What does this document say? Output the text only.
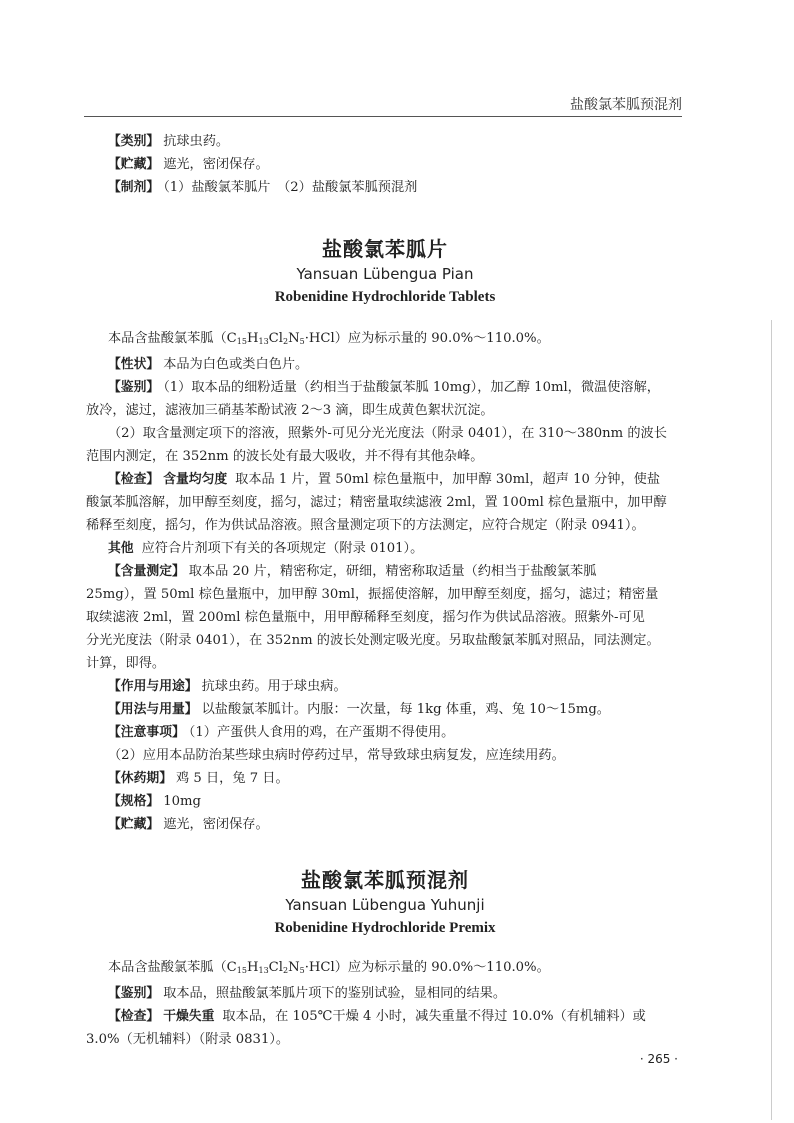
盐酸氯苯胍预混剂
【类别】 抗球虫药。
【贮藏】 遮光，密闭保存。
【制剂】 （1）盐酸氯苯胍片　（2）盐酸氯苯胍预混剂
盐酸氯苯胍片
Yansuan Lübengua Pian
Robenidine Hydrochloride Tablets
本品含盐酸氯苯胍$(C_{15}H_{13}Cl_2N_5\cdot HCl)$应为标示量的 90.0%～110.0%。
【性状】 本品为白色或类白色片。
【鉴别】 （1）取本品的细粉适量（约相当于盐酸氯苯胍 10mg），加乙醇 10ml，微温使溶解，
放冷，滤过，滤液加三硝基苯酚试液 2～3 滴，即生成黄色絮状沉淀。
（2）取含量测定项下的溶液，照紫外-可见分光光度法（附录 0401），在 310～380nm 的波长
范围内测定，在 352nm 的波长处有最大吸收，并不得有其他杂峰。
【检查】 含量均匀度 取本品 1 片，置 50ml 棕色量瓶中，加甲醇 30ml，超声 10 分钟，使盐
酸氯苯胍溶解，加甲醇至刻度，摇匀，滤过；精密量取续滤液 2ml，置 100ml 棕色量瓶中，加甲醇
稀释至刻度，摇匀，作为供试品溶液。照含量测定项下的方法测定，应符合规定（附录 0941）。
其他 应符合片剂项下有关的各项规定（附录 0101）。
【含量测定】 取本品 20 片，精密称定，研细，精密称取适量（约相当于盐酸氯苯胍
25mg），置 50ml 棕色量瓶中，加甲醇 30ml，振摇使溶解，加甲醇至刻度，摇匀，滤过；精密量
取续滤液 2ml，置 200ml 棕色量瓶中，用甲醇稀释至刻度，摇匀作为供试品溶液。照紫外-可见
分光光度法（附录 0401），在 352nm 的波长处测定吸光度。另取盐酸氯苯胍对照品，同法测定。
计算，即得。
【作用与用途】 抗球虫药。用于球虫病。
【用法与用量】 以盐酸氯苯胍计。内服：一次量，每 1kg 体重，鸡、兔 10～15mg。
【注意事项】 （1）产蛋供人食用的鸡，在产蛋期不得使用。
（2）应用本品防治某些球虫病时停药过早，常导致球虫病复发，应连续用药。
【休药期】 鸡 5 日，兔 7 日。
【规格】 10mg
【贮藏】 遮光，密闭保存。
盐酸氯苯胍预混剂
Yansuan Lübengua Yuhunji
Robenidine Hydrochloride Premix
本品含盐酸氯苯胍$(C_{15}H_{13}Cl_2N_5\cdot HCl)$应为标示量的 90.0%～110.0%。
【鉴别】 取本品，照盐酸氯苯胍片项下的鉴别试验，显相同的结果。
【检查】 干燥失重 取本品，在 105℃干燥 4 小时，减失重量不得过 10.0%（有机辅料）或
3.0%（无机辅料）（附录 0831）。
· 265 ·
